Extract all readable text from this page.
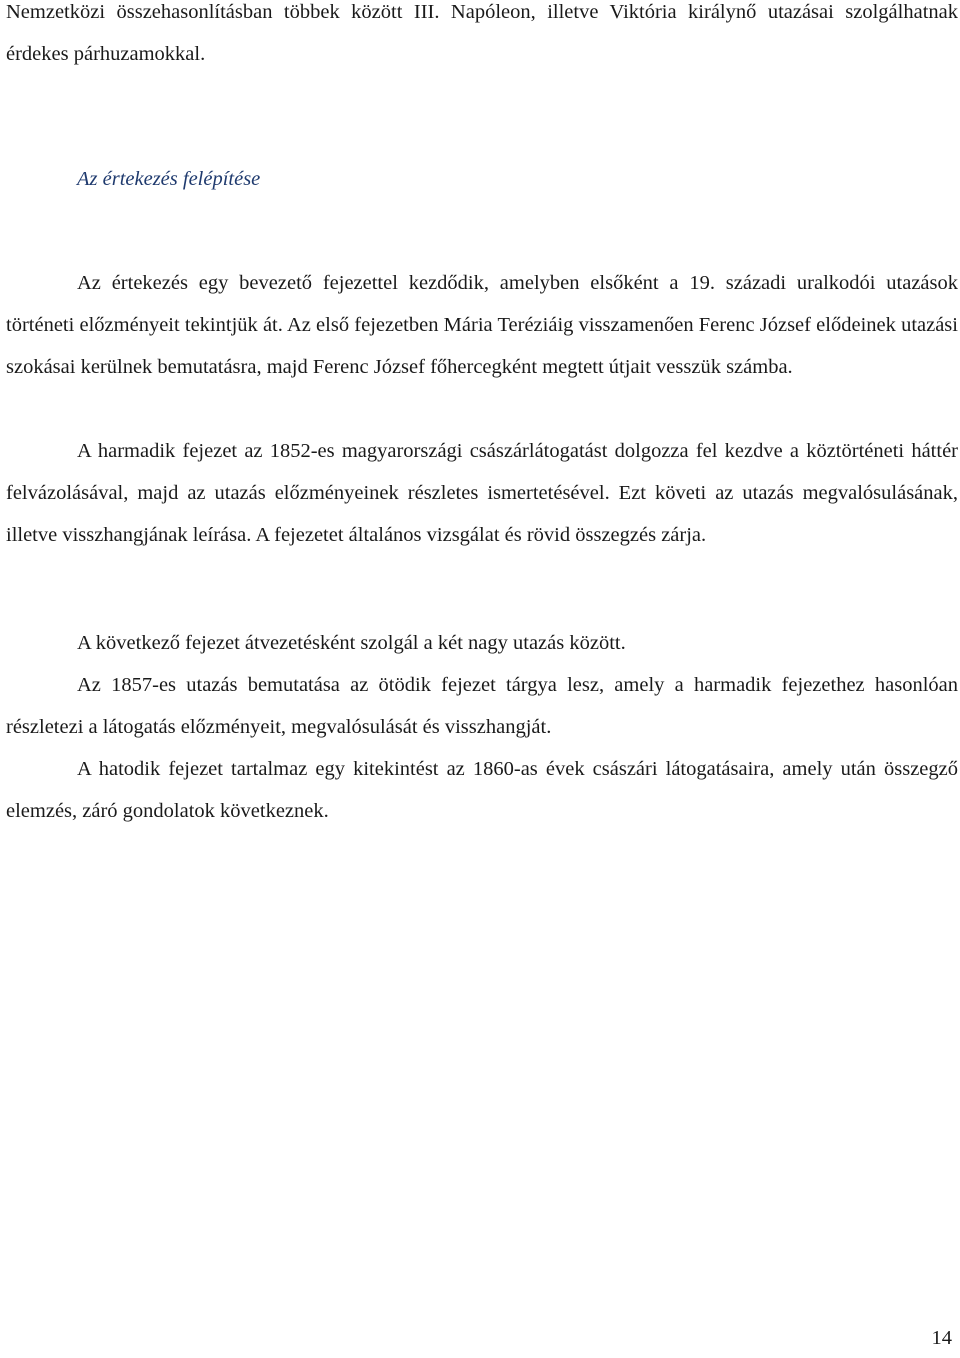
Nemzetközi összehasonlításban többek között III. Napóleon, illetve Viktória királynő utazásai szolgálhatnak érdekes párhuzamokkal.

Az értekezés felépítése

Az értekezés egy bevezető fejezettel kezdődik, amelyben elsőként a 19. századi uralkodói utazások történeti előzményeit tekintjük át. Az első fejezetben Mária Teréziáig visszamenően Ferenc József elődeinek utazási szokásai kerülnek bemutatásra, majd Ferenc József főhercegként megtett útjait vesszük számba.

A harmadik fejezet az 1852-es magyarországi császárlátogatást dolgozza fel kezdve a köztörténeti háttér felvázolásával, majd az utazás előzményeinek részletes ismertetésével. Ezt követi az utazás megvalósulásának, illetve visszhangjának leírása. A fejezetet általános vizsgálat és rövid összegzés zárja.

A következő fejezet átvezetésként szolgál a két nagy utazás között.

Az 1857-es utazás bemutatása az ötödik fejezet tárgya lesz, amely a harmadik fejezethez hasonlóan részletezi a látogatás előzményeit, megvalósulását és visszhangját.

A hatodik fejezet tartalmaz egy kitekintést az 1860-as évek császári látogatásaira, amely után összegző elemzés, záró gondolatok következnek.

14
